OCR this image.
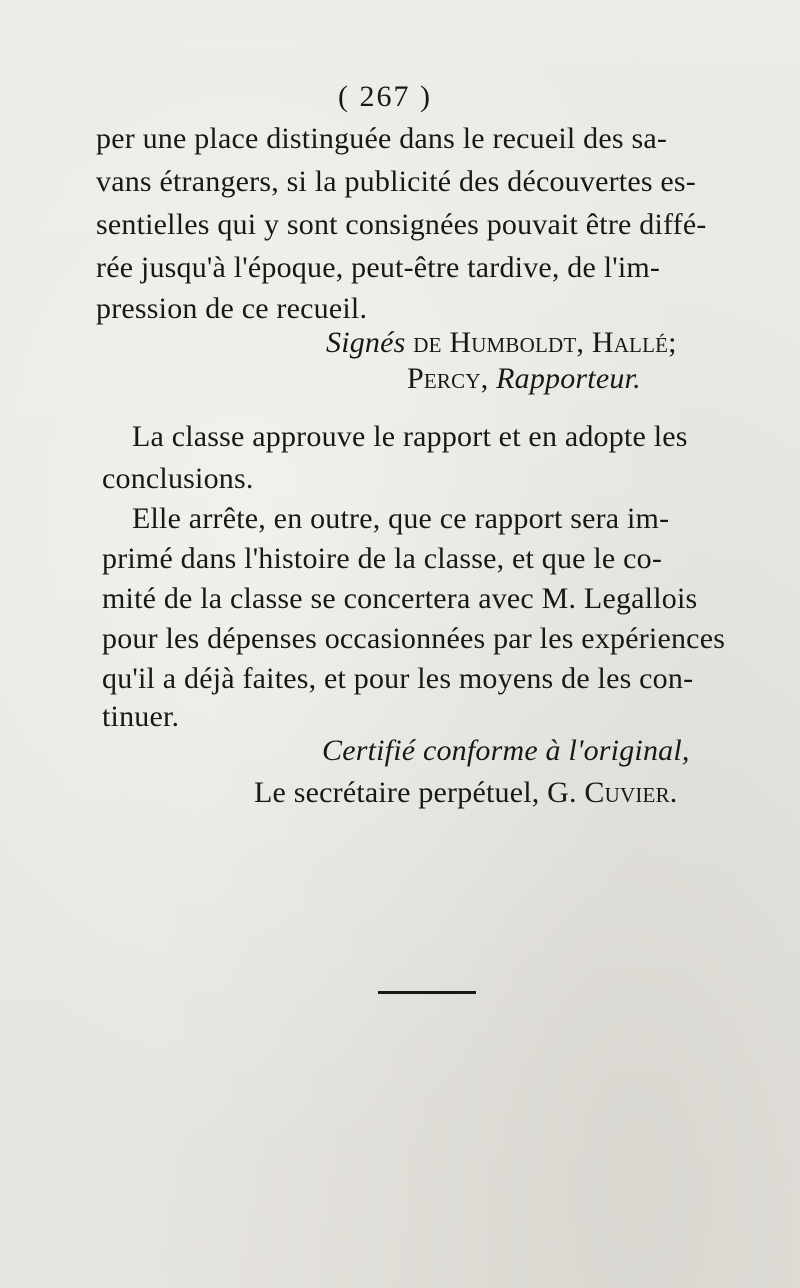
( 267 )
per une place distinguée dans le recueil des sa-
vans étrangers, si la publicité des découvertes es-
sentielles qui y sont consignées pouvait être diffé-
rée jusqu'à l'époque, peut-être tardive, de l'im-
pression de ce recueil.
Signés de Humboldt, Hallé;
Percy, Rapporteur.
La classe approuve le rapport et en adopte les
conclusions.
Elle arrête, en outre, que ce rapport sera im-
primé dans l'histoire de la classe, et que le co-
mité de la classe se concertera avec M. Legallois
pour les dépenses occasionnées par les expériences
qu'il a déjà faites, et pour les moyens de les con-
tinuer.
Certifié conforme à l'original,
Le secrétaire perpétuel, G. Cuvier.
